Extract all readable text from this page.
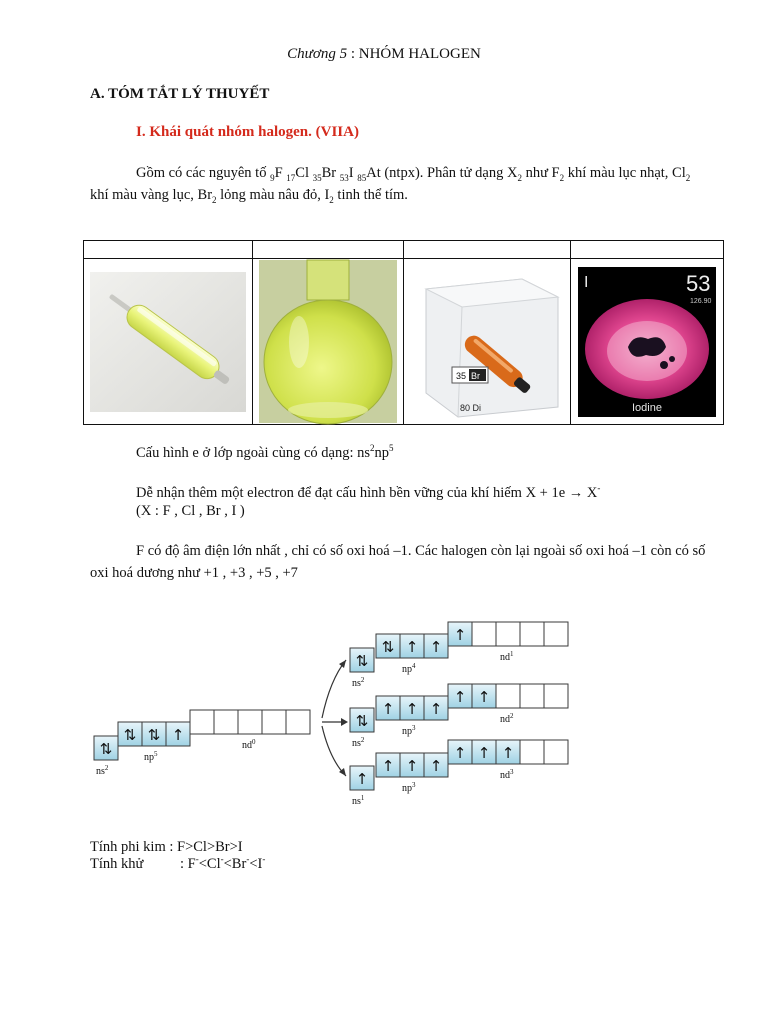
Chương 5 : NHÓM HALOGEN
A. TÓM TẮT LÝ THUYẾT
I. Khái quát nhóm halogen. (VIIA)
Gồm có các nguyên tố $_9$F $_{17}$Cl $_{35}$Br $_{53}$I $_{85}$At (ntpx). Phân tử dạng $X_2$ như $F_2$ khí màu lục nhạt, $Cl_2$ khí màu vàng lục, $Br_2$ lỏng màu nâu đỏ, $I_2$ tinh thể tím.

35 Br
80 Di	I 53
126.90
Iodine
Cấu hình e ở lớp ngoài cùng có dạng: $ns^2np^5$
Dễ nhận thêm một electron để đạt cấu hình bền vững của khí hiếm X + 1e → X-
(X : F , Cl , Br , I )
F có độ âm điện lớn nhất , chỉ có số oxi hoá –1. Các halogen còn lại ngoài số oxi hoá –1 còn có số oxi hoá dương như +1 , +3 , +5 , +7
⇅
⇅ ⇅ ↑
$ns^2$
$np^5$
$nd^0$
⇅
⇅ ↑ ↑
↑
$ns^2$
$np^4$
$nd^1$
⇅
↑ ↑ ↑
↑ ↑
$ns^2$
$np^3$
$nd^2$
↑
↑ ↑ ↑
↑ ↑ ↑
$ns^1$
$np^3$
$nd^3$
Tính phi kim : F>Cl>Br>I
Tính khử	: F-<Cl-<Br-<I-
